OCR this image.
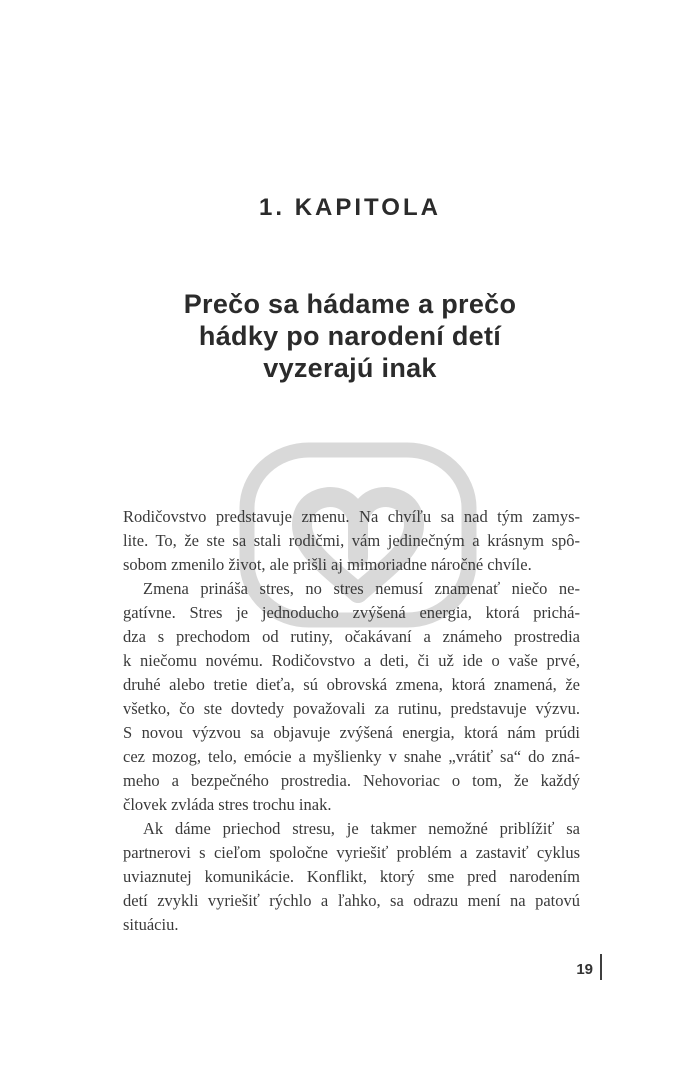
1. KAPITOLA
Prečo sa hádame a prečo
hádky po narodení detí
vyzerajú inak
Rodičovstvo predstavuje zmenu. Na chvíľu sa nad tým zamys-
lite. To, že ste sa stali rodičmi, vám jedinečným a krásnym spô-
sobom zmenilo život, ale prišli aj mimoriadne náročné chvíle.
Zmena prináša stres, no stres nemusí znamenať niečo ne-
gatívne. Stres je jednoducho zvýšená energia, ktorá prichá-
dza s prechodom od rutiny, očakávaní a známeho prostredia
k niečomu novému. Rodičovstvo a deti, či už ide o vaše prvé,
druhé alebo tretie dieťa, sú obrovská zmena, ktorá znamená, že
všetko, čo ste dovtedy považovali za rutinu, predstavuje výzvu.
S novou výzvou sa objavuje zvýšená energia, ktorá nám prúdi
cez mozog, telo, emócie a myšlienky v snahe „vrátiť sa“ do zná-
meho a bezpečného prostredia. Nehovoriac o tom, že každý
človek zvláda stres trochu inak.
Ak dáme priechod stresu, je takmer nemožné priblížiť sa
partnerovi s cieľom spoločne vyriešiť problém a zastaviť cyklus
uviaznutej komunikácie. Konflikt, ktorý sme pred narodením
detí zvykli vyriešiť rýchlo a ľahko, sa odrazu mení na patovú
situáciu.
19
